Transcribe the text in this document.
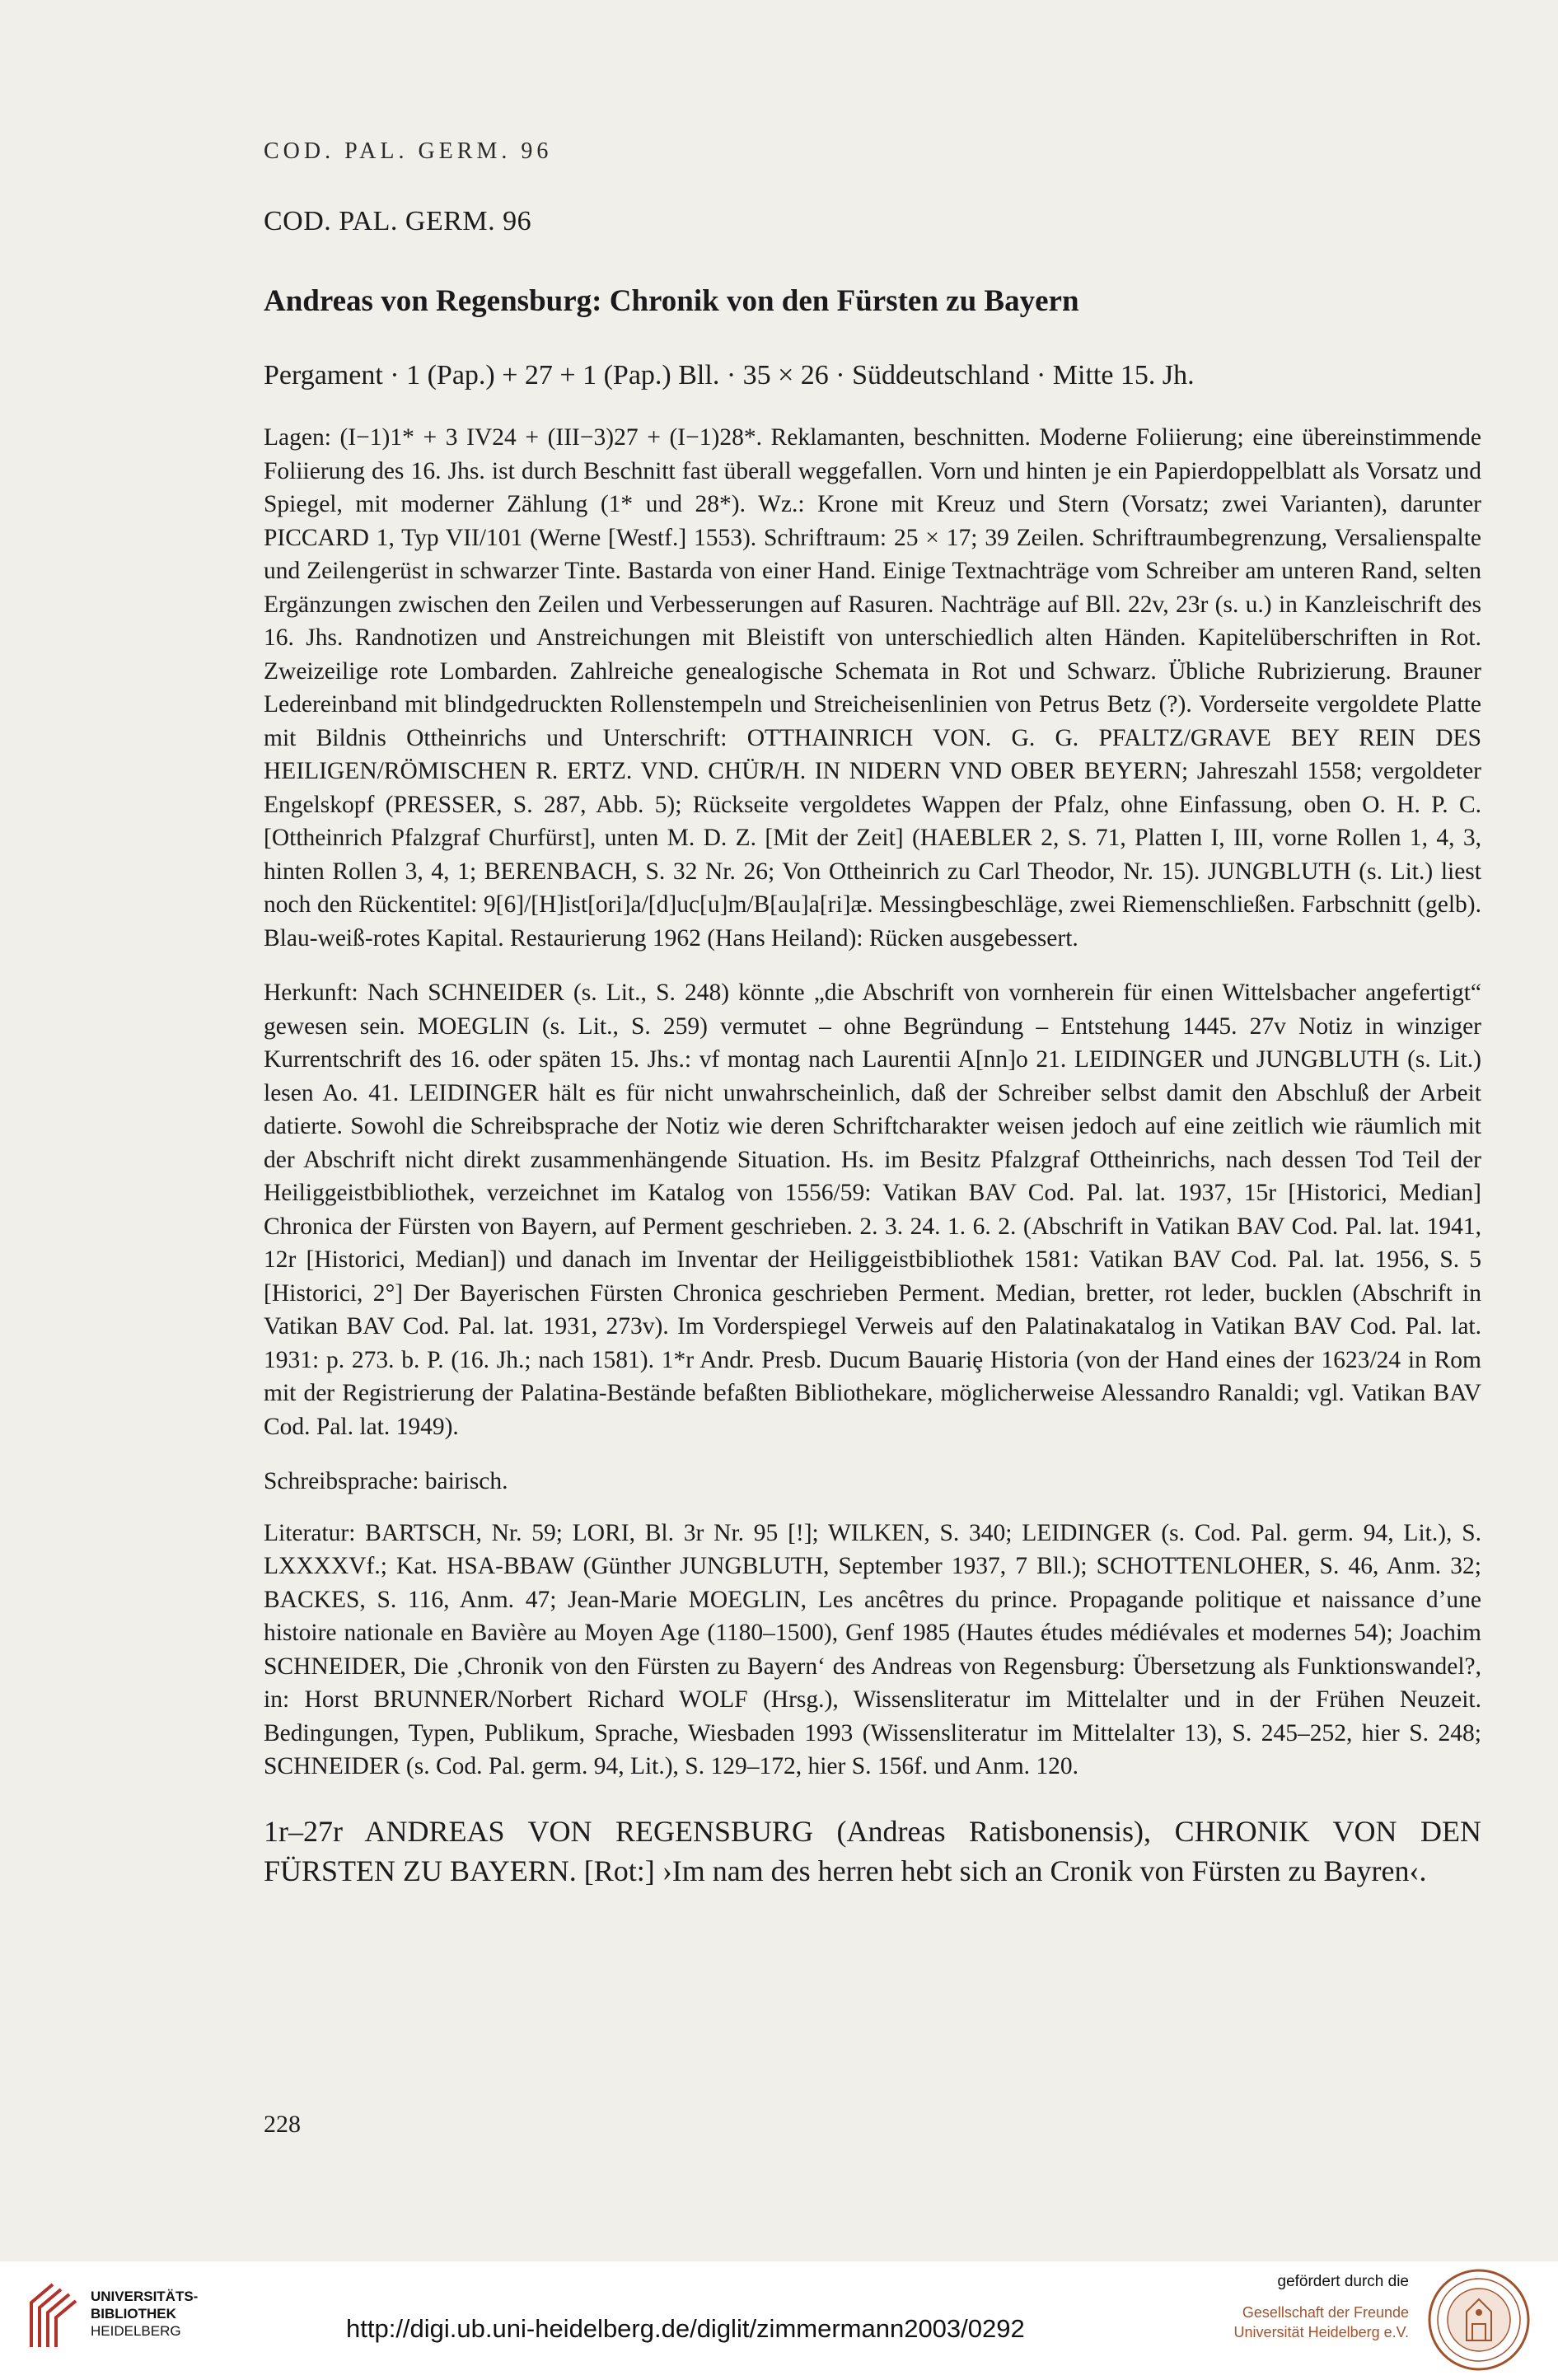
COD. PAL. GERM. 96
COD. PAL. GERM. 96
Andreas von Regensburg: Chronik von den Fürsten zu Bayern
Pergament · 1 (Pap.) + 27 + 1 (Pap.) Bll. · 35 × 26 · Süddeutschland · Mitte 15. Jh.

Lagen: (I−1)1* + 3 IV24 + (III−3)27 + (I−1)28*. Reklamanten, beschnitten. Moderne Foliierung; eine übereinstimmende Foliierung des 16. Jhs. ist durch Beschnitt fast überall weggefallen. Vorn und hinten je ein Papierdoppelblatt als Vorsatz und Spiegel, mit moderner Zählung (1* und 28*). Wz.: Krone mit Kreuz und Stern (Vorsatz; zwei Varianten), darunter PICCARD 1, Typ VII/101 (Werne [Westf.] 1553). Schriftraum: 25 × 17; 39 Zeilen. Schriftraumbegrenzung, Versalienspalte und Zeilengerüst in schwarzer Tinte. Bastarda von einer Hand. Einige Textnachträge vom Schreiber am unteren Rand, selten Ergänzungen zwischen den Zeilen und Verbesserungen auf Rasuren. Nachträge auf Bll. 22v, 23r (s. u.) in Kanzleischrift des 16. Jhs. Randnotizen und Anstreichungen mit Bleistift von unterschiedlich alten Händen. Kapitelüberschriften in Rot. Zweizeilige rote Lombarden. Zahlreiche genealogische Schemata in Rot und Schwarz. Übliche Rubrizierung. Brauner Ledereinband mit blindgedruckten Rollenstempeln und Streicheisenlinien von Petrus Betz (?). Vorderseite vergoldete Platte mit Bildnis Ottheinrichs und Unterschrift: OTTHAINRICH VON. G. G. PFALTZ/GRAVE BEY REIN DES HEILIGEN/RÖMISCHEN R. ERTZ. VND. CHÜR/H. IN NIDERN VND OBER BEYERN; Jahreszahl 1558; vergoldeter Engelskopf (PRESSER, S. 287, Abb. 5); Rückseite vergoldetes Wappen der Pfalz, ohne Einfassung, oben O. H. P. C. [Ottheinrich Pfalzgraf Churfürst], unten M. D. Z. [Mit der Zeit] (HAEBLER 2, S. 71, Platten I, III, vorne Rollen 1, 4, 3, hinten Rollen 3, 4, 1; BERENBACH, S. 32 Nr. 26; Von Ottheinrich zu Carl Theodor, Nr. 15). JUNGBLUTH (s. Lit.) liest noch den Rückentitel: 9[6]/[H]ist[ori]a/[d]uc[u]m/B[au]a[ri]æ. Messingbeschläge, zwei Riemenschließen. Farbschnitt (gelb). Blau-weiß-rotes Kapital. Restaurierung 1962 (Hans Heiland): Rücken ausgebessert.

Herkunft: Nach SCHNEIDER (s. Lit., S. 248) könnte „die Abschrift von vornherein für einen Wittelsbacher angefertigt“ gewesen sein. MOEGLIN (s. Lit., S. 259) vermutet – ohne Begründung – Entstehung 1445. 27v Notiz in winziger Kurrentschrift des 16. oder späten 15. Jhs.: vf montag nach Laurentii A[nn]o 21. LEIDINGER und JUNGBLUTH (s. Lit.) lesen Ao. 41. LEIDINGER hält es für nicht unwahrscheinlich, daß der Schreiber selbst damit den Abschluß der Arbeit datierte. Sowohl die Schreibsprache der Notiz wie deren Schriftcharakter weisen jedoch auf eine zeitlich wie räumlich mit der Abschrift nicht direkt zusammenhängende Situation. Hs. im Besitz Pfalzgraf Ottheinrichs, nach dessen Tod Teil der Heiliggeistbibliothek, verzeichnet im Katalog von 1556/59: Vatikan BAV Cod. Pal. lat. 1937, 15r [Historici, Median] Chronica der Fürsten von Bayern, auf Perment geschrieben. 2. 3. 24. 1. 6. 2. (Abschrift in Vatikan BAV Cod. Pal. lat. 1941, 12r [Historici, Median]) und danach im Inventar der Heiliggeistbibliothek 1581: Vatikan BAV Cod. Pal. lat. 1956, S. 5 [Historici, 2°] Der Bayerischen Fürsten Chronica geschrieben Perment. Median, bretter, rot leder, bucklen (Abschrift in Vatikan BAV Cod. Pal. lat. 1931, 273v). Im Vorderspiegel Verweis auf den Palatinakatalog in Vatikan BAV Cod. Pal. lat. 1931: p. 273. b. P. (16. Jh.; nach 1581). 1*r Andr. Presb. Ducum Bauariȩ Historia (von der Hand eines der 1623/24 in Rom mit der Registrierung der Palatina-Bestände befaßten Bibliothekare, möglicherweise Alessandro Ranaldi; vgl. Vatikan BAV Cod. Pal. lat. 1949).

Schreibsprache: bairisch.

Literatur: BARTSCH, Nr. 59; LORI, Bl. 3r Nr. 95 [!]; WILKEN, S. 340; LEIDINGER (s. Cod. Pal. germ. 94, Lit.), S. LXXXXVf.; Kat. HSA-BBAW (Günther JUNGBLUTH, September 1937, 7 Bll.); SCHOTTENLOHER, S. 46, Anm. 32; BACKES, S. 116, Anm. 47; Jean-Marie MOEGLIN, Les ancêtres du prince. Propagande politique et naissance d’une histoire nationale en Bavière au Moyen Age (1180–1500), Genf 1985 (Hautes études médiévales et modernes 54); Joachim SCHNEIDER, Die ‚Chronik von den Fürsten zu Bayern‘ des Andreas von Regensburg: Übersetzung als Funktionswandel?, in: Horst BRUNNER/Norbert Richard WOLF (Hrsg.), Wissensliteratur im Mittelalter und in der Frühen Neuzeit. Bedingungen, Typen, Publikum, Sprache, Wiesbaden 1993 (Wissensliteratur im Mittelalter 13), S. 245–252, hier S. 248; SCHNEIDER (s. Cod. Pal. germ. 94, Lit.), S. 129–172, hier S. 156f. und Anm. 120.

1r–27r ANDREAS VON REGENSBURG (Andreas Ratisbonensis), CHRONIK VON DEN FÜRSTEN ZU BAYERN. [Rot:] ›Im nam des herren hebt sich an Cronik von Fürsten zu Bayren‹.
228
UNIVERSITÄTS-
BIBLIOTHEK
HEIDELBERG	http://digi.ub.uni-heidelberg.de/diglit/zimmermann2003/0292
gefördert durch die
Gesellschaft der Freunde
Universität Heidelberg e.V.
